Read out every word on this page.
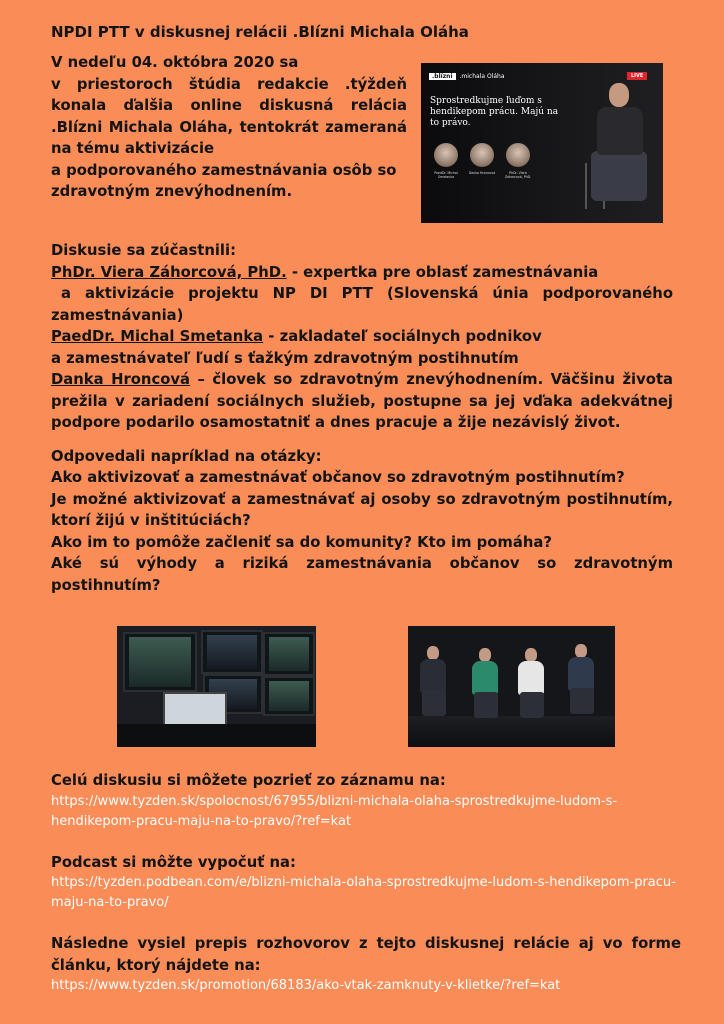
NPDI PTT v diskusnej relácii .Blízni Michala Oláha
V nedeľu 04. októbra 2020 sa
v priestoroch štúdia redakcie .týždeň konala ďalšia online diskusná relácia .Blízni Michala Oláha, tentokrát zameraná na tému aktivizácie
a podporovaného zamestnávania osôb so zdravotným znevýhodnením.
Diskusie sa zúčastnili:
PhDr. Viera Záhorcová, PhD. - expertka pre oblasť zamestnávania
a aktivizácie projektu NP DI PTT (Slovenská únia podporovaného zamestnávania)
PaedDr. Michal Smetanka - zakladateľ sociálnych podnikov
a zamestnávateľ ľudí s ťažkým zdravotným postihnutím
Danka Hroncová – človek so zdravotným znevýhodnením. Väčšinu života prežila v zariadení sociálnych služieb, postupne sa jej vďaka adekvátnej podpore podarilo osamostatniť a dnes pracuje a žije nezávislý život.
Odpovedali napríklad na otázky:
Ako aktivizovať a zamestnávať občanov so zdravotným postihnutím?
Je možné aktivizovať a zamestnávať aj osoby so zdravotným postihnutím, ktorí žijú v inštitúciách?
Ako im to pomôže začleniť sa do komunity? Kto im pomáha?
Aké sú výhody a riziká zamestnávania občanov so zdravotným postihnutím?
.blízni .michala Oláha	LIVE
Sprostredkujme ľuďom s hendikepom prácu. Majú na to právo.
PaedDr. Michal Smetanka
Danka Hroncová	PhDr. Viera Záhorcová, PhD.
Celú diskusiu si môžete pozrieť zo záznamu na:
https://www.tyzden.sk/spolocnost/67955/blizni-michala-olaha-sprostredkujme-ludom-s-hendikepom-pracu-maju-na-to-pravo/?ref=kat
Podcast si môžte vypočuť na:
https://tyzden.podbean.com/e/blizni-michala-olaha-sprostredkujme-ludom-s-hendikepom-pracu-maju-na-to-pravo/
Následne vysiel prepis rozhovorov z tejto diskusnej relácie aj vo forme článku, ktorý nájdete na:
https://www.tyzden.sk/promotion/68183/ako-vtak-zamknuty-v-klietke/?ref=kat
